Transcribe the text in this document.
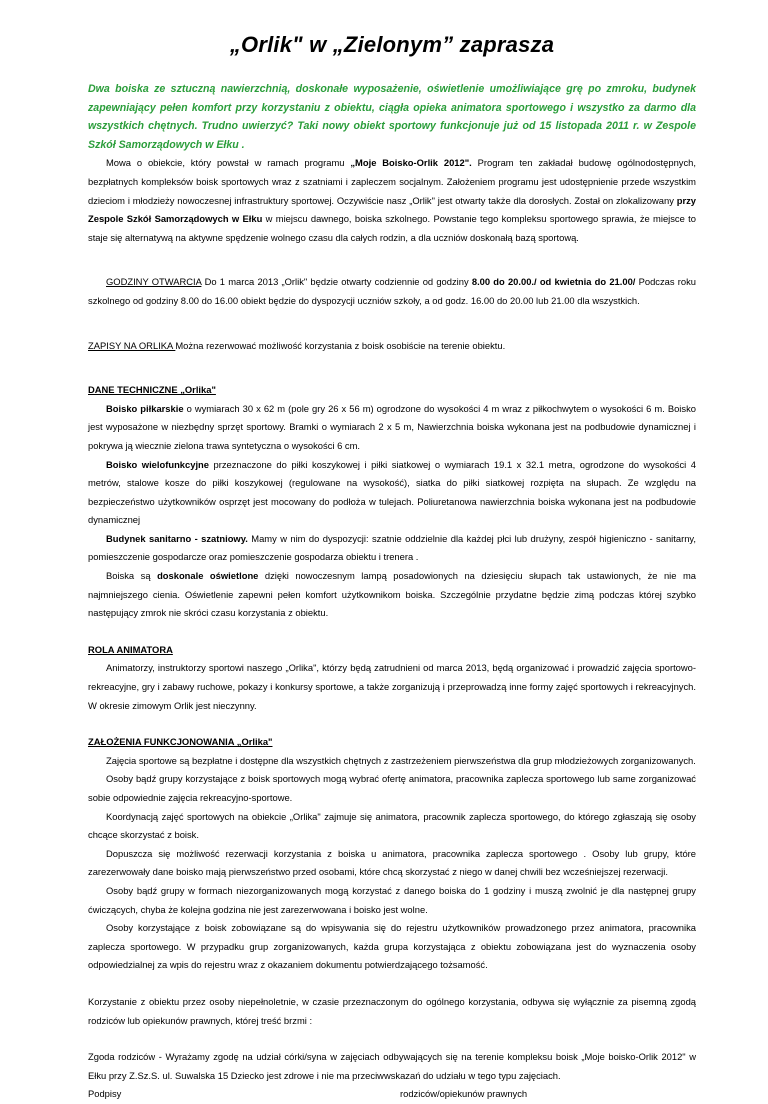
„Orlik" w „Zielonym” zaprasza

Dwa boiska ze sztuczną nawierzchnią, doskonałe wyposażenie, oświetlenie umożliwiające grę po zmroku, budynek zapewniający pełen komfort przy korzystaniu z obiektu, ciągła opieka animatora sportowego i wszystko za darmo dla wszystkich chętnych. Trudno uwierzyć? Taki nowy obiekt sportowy funkcjonuje już od 15 listopada 2011 r. w Zespole Szkół Samorządowych w Ełku .

Mowa o obiekcie, który powstał w ramach programu „Moje Boisko-Orlik 2012". Program ten zakładał budowę ogólnodostępnych, bezpłatnych kompleksów boisk sportowych wraz z szatniami i zapleczem socjalnym. Założeniem programu jest udostępnienie przede wszystkim dzieciom i młodzieży nowoczesnej infrastruktury sportowej. Oczywiście nasz „Orlik" jest otwarty także dla dorosłych. Został on zlokalizowany przy Zespole Szkół Samorządowych w Ełku w miejscu dawnego, boiska szkolnego. Powstanie tego kompleksu sportowego sprawia, że miejsce to staje się alternatywą na aktywne spędzenie wolnego czasu dla całych rodzin, a dla uczniów doskonałą bazą sportową.

GODZINY OTWARCIA Do 1 marca 2013 „Orlik" będzie otwarty codziennie od godziny 8.00 do 20.00./ od kwietnia do 21.00/ Podczas roku szkolnego od godziny 8.00 do 16.00 obiekt będzie do dyspozycji uczniów szkoły, a od godz. 16.00 do 20.00 lub 21.00 dla wszystkich.

ZAPISY NA ORLIKA Można rezerwować możliwość korzystania z boisk osobiście na terenie obiektu.

DANE TECHNICZNE „Orlika"

Boisko piłkarskie o wymiarach 30 x 62 m (pole gry 26 x 56 m) ogrodzone do wysokości 4 m wraz z piłkochwytem o wysokości 6 m. Boisko jest wyposażone w niezbędny sprzęt sportowy. Bramki o wymiarach 2 x 5 m, Nawierzchnia boiska wykonana jest na podbudowie dynamicznej i pokrywa ją wiecznie zielona trawa syntetyczna o wysokości 6 cm.

Boisko wielofunkcyjne przeznaczone do piłki koszykowej i piłki siatkowej o wymiarach 19.1 x 32.1 metra, ogrodzone do wysokości 4 metrów, stalowe kosze do piłki koszykowej (regulowane na wysokość), siatka do piłki siatkowej rozpięta na słupach. Ze względu na bezpieczeństwo użytkowników osprzęt jest mocowany do podłoża w tulejach. Poliuretanowa nawierzchnia boiska wykonana jest na podbudowie dynamicznej

Budynek sanitarno - szatniowy. Mamy w nim do dyspozycji: szatnie oddzielnie dla każdej płci lub drużyny, zespół higieniczno - sanitarny, pomieszczenie gospodarcze oraz pomieszczenie gospodarza obiektu i trenera .

Boiska są doskonale oświetlone dzięki nowoczesnym lampą posadowionych na dziesięciu słupach tak ustawionych, że nie ma najmniejszego cienia. Oświetlenie zapewni pełen komfort użytkownikom boiska. Szczególnie przydatne będzie zimą podczas której szybko następujący zmrok nie skróci czasu korzystania z obiektu.

ROLA ANIMATORA

Animatorzy, instruktorzy sportowi naszego „Orlika", którzy będą zatrudnieni od marca 2013, będą organizować i prowadzić zajęcia sportowo-rekreacyjne, gry i zabawy ruchowe, pokazy i konkursy sportowe, a także zorganizują i przeprowadzą inne formy zajęć sportowych i rekreacyjnych. W okresie zimowym Orlik jest nieczynny.

ZAŁOŻENIA FUNKCJONOWANIA „Orlika"

Zajęcia sportowe są bezpłatne i dostępne dla wszystkich chętnych z zastrzeżeniem pierwszeństwa dla grup młodzieżowych zorganizowanych.

Osoby bądź grupy korzystające z boisk sportowych mogą wybrać ofertę animatora, pracownika zaplecza sportowego lub same zorganizować sobie odpowiednie zajęcia rekreacyjno-sportowe.

Koordynacją zajęć sportowych na obiekcie „Orlika" zajmuje się animatora, pracownik zaplecza sportowego, do którego zgłaszają się osoby chcące skorzystać z boisk.

Dopuszcza się możliwość rezerwacji korzystania z boiska u animatora, pracownika zaplecza sportowego . Osoby lub grupy, które zarezerwowały dane boisko mają pierwszeństwo przed osobami, które chcą skorzystać z niego w danej chwili bez wcześniejszej rezerwacji.

Osoby bądź grupy w formach niezorganizowanych mogą korzystać z danego boiska do 1 godziny i muszą zwolnić je dla następnej grupy ćwiczących, chyba że kolejna godzina nie jest zarezerwowana i boisko jest wolne.

Osoby korzystające z boisk zobowiązane są do wpisywania się do rejestru użytkowników prowadzonego przez animatora, pracownika zaplecza sportowego. W przypadku grup zorganizowanych, każda grupa korzystająca z obiektu zobowiązana jest do wyznaczenia osoby odpowiedzialnej za wpis do rejestru wraz z okazaniem dokumentu potwierdzającego tożsamość.

Korzystanie z obiektu przez osoby niepełnoletnie, w czasie przeznaczonym do ogólnego korzystania, odbywa się wyłącznie za pisemną zgodą rodziców lub opiekunów prawnych, której treść brzmi :

Zgoda rodziców - Wyrażamy zgodę na udział córki/syna w zajęciach odbywających się na terenie kompleksu boisk „Moje boisko-Orlik 2012" w Ełku przy Z.Sz.S. ul. Suwalska 15 Dziecko jest zdrowe i nie ma przeciwwskazań do udziału w tego typu zajęciach.

Podpisy	rodziców/opiekunów prawnych
